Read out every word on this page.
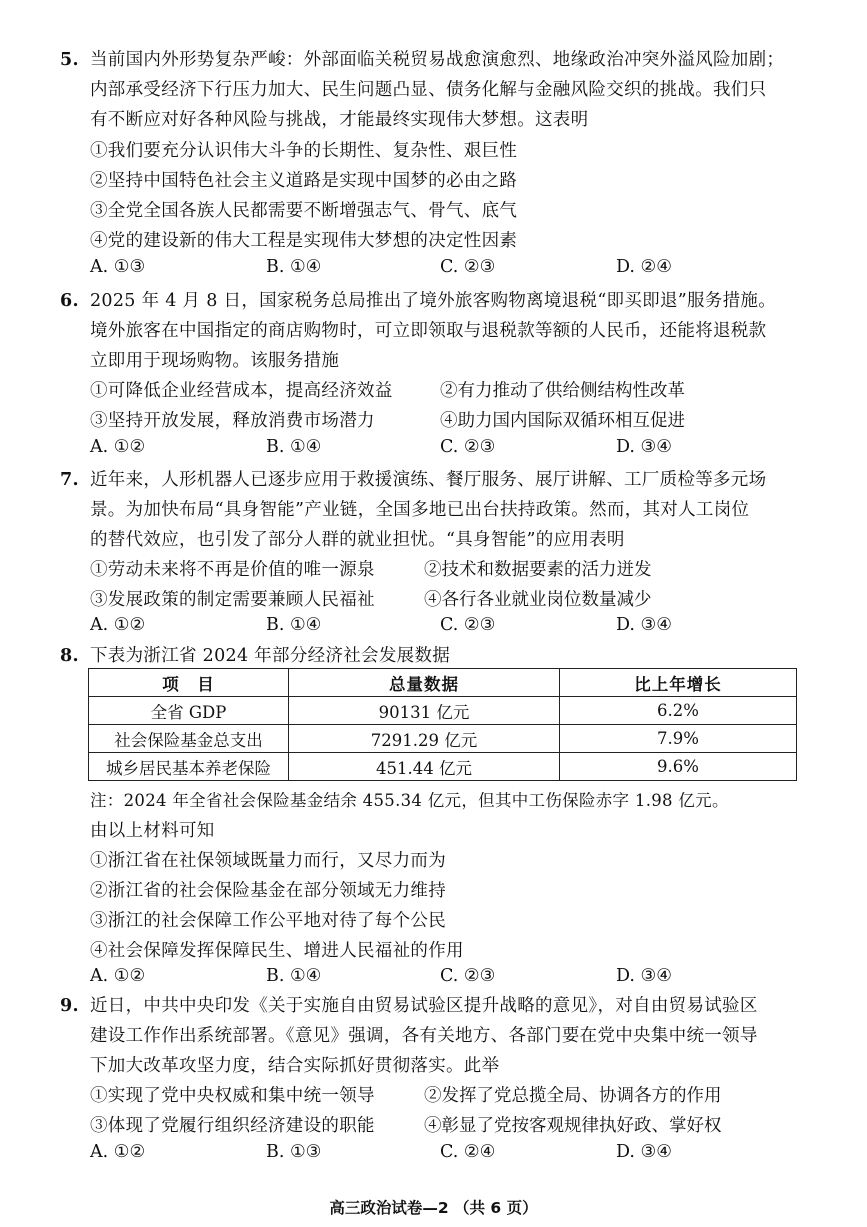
5. 当前国内外形势复杂严峻：外部面临关税贸易战愈演愈烈、地缘政治冲突外溢风险加剧；
内部承受经济下行压力加大、民生问题凸显、债务化解与金融风险交织的挑战。我们只
有不断应对好各种风险与挑战，才能最终实现伟大梦想。这表明
①我们要充分认识伟大斗争的长期性、复杂性、艰巨性
②坚持中国特色社会主义道路是实现中国梦的必由之路
③全党全国各族人民都需要不断增强志气、骨气、底气
④党的建设新的伟大工程是实现伟大梦想的决定性因素
A. ①③	B. ①④	C. ②③	D. ②④
6. 2025 年 4 月 8 日，国家税务总局推出了境外旅客购物离境退税“即买即退”服务措施。
境外旅客在中国指定的商店购物时，可立即领取与退税款等额的人民币，还能将退税款
立即用于现场购物。该服务措施
①可降低企业经营成本，提高经济效益	②有力推动了供给侧结构性改革
③坚持开放发展，释放消费市场潜力	④助力国内国际双循环相互促进
A. ①②	B. ①④	C. ②③	D. ③④
7. 近年来，人形机器人已逐步应用于救援演练、餐厅服务、展厅讲解、工厂质检等多元场
景。为加快布局“具身智能”产业链，全国多地已出台扶持政策。然而，其对人工岗位
的替代效应，也引发了部分人群的就业担忧。“具身智能”的应用表明
①劳动未来将不再是价值的唯一源泉	②技术和数据要素的活力迸发
③发展政策的制定需要兼顾人民福祉	④各行各业就业岗位数量减少
A. ①②	B. ①④	C. ②③	D. ③④
8. 下表为浙江省 2024 年部分经济社会发展数据
项　目	总量数据	比上年增长
全省 GDP	90131 亿元	6.2%
社会保险基金总支出	7291.29 亿元	7.9%
城乡居民基本养老保险	451.44 亿元	9.6%
注：2024 年全省社会保险基金结余 455.34 亿元，但其中工伤保险赤字 1.98 亿元。
由以上材料可知
①浙江省在社保领域既量力而行，又尽力而为
②浙江省的社会保险基金在部分领域无力维持
③浙江的社会保障工作公平地对待了每个公民
④社会保障发挥保障民生、增进人民福祉的作用
A. ①②	B. ①④	C. ②③	D. ③④
9. 近日，中共中央印发《关于实施自由贸易试验区提升战略的意见》，对自由贸易试验区
建设工作作出系统部署。《意见》强调，各有关地方、各部门要在党中央集中统一领导
下加大改革攻坚力度，结合实际抓好贯彻落实。此举
①实现了党中央权威和集中统一领导	②发挥了党总揽全局、协调各方的作用
③体现了党履行组织经济建设的职能	④彰显了党按客观规律执好政、掌好权
A. ①②	B. ①③	C. ②④	D. ③④
高三政治试卷—2 （共 6 页）
